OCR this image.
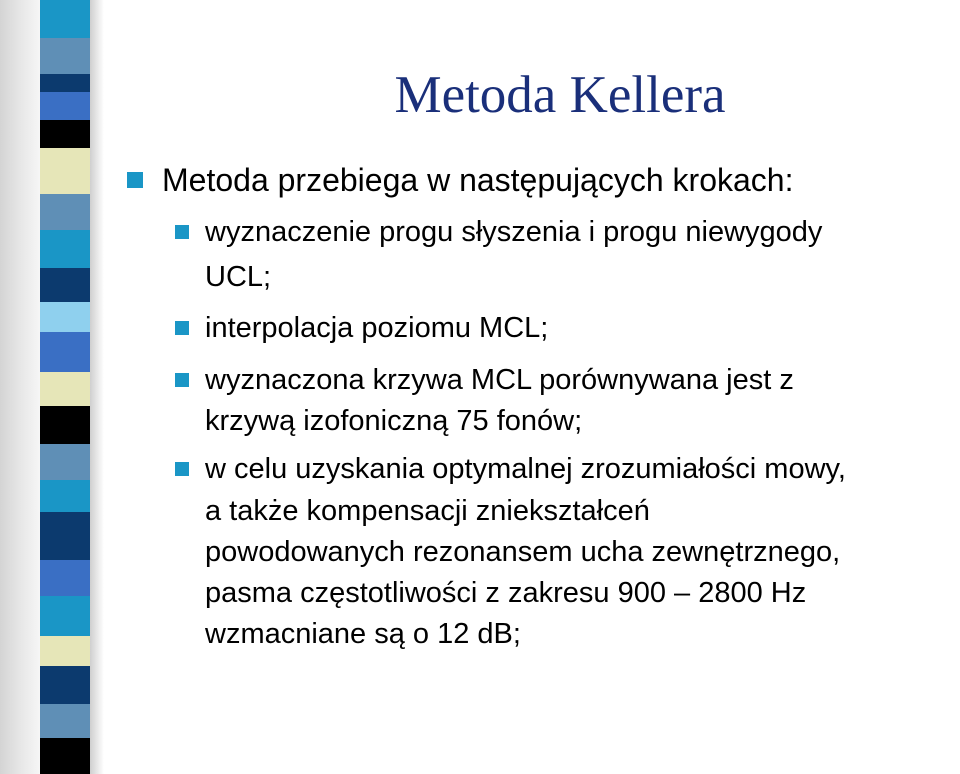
Metoda Kellera
Metoda przebiega w następujących krokach:
wyznaczenie progu słyszenia i progu niewygody
UCL;
interpolacja poziomu MCL;
wyznaczona krzywa MCL porównywana jest z
krzywą izofoniczną 75 fonów;
w celu uzyskania optymalnej zrozumiałości mowy,
a także kompensacji zniekształceń
powodowanych rezonansem ucha zewnętrznego,
pasma częstotliwości z zakresu 900 – 2800 Hz
wzmacniane są o 12 dB;
